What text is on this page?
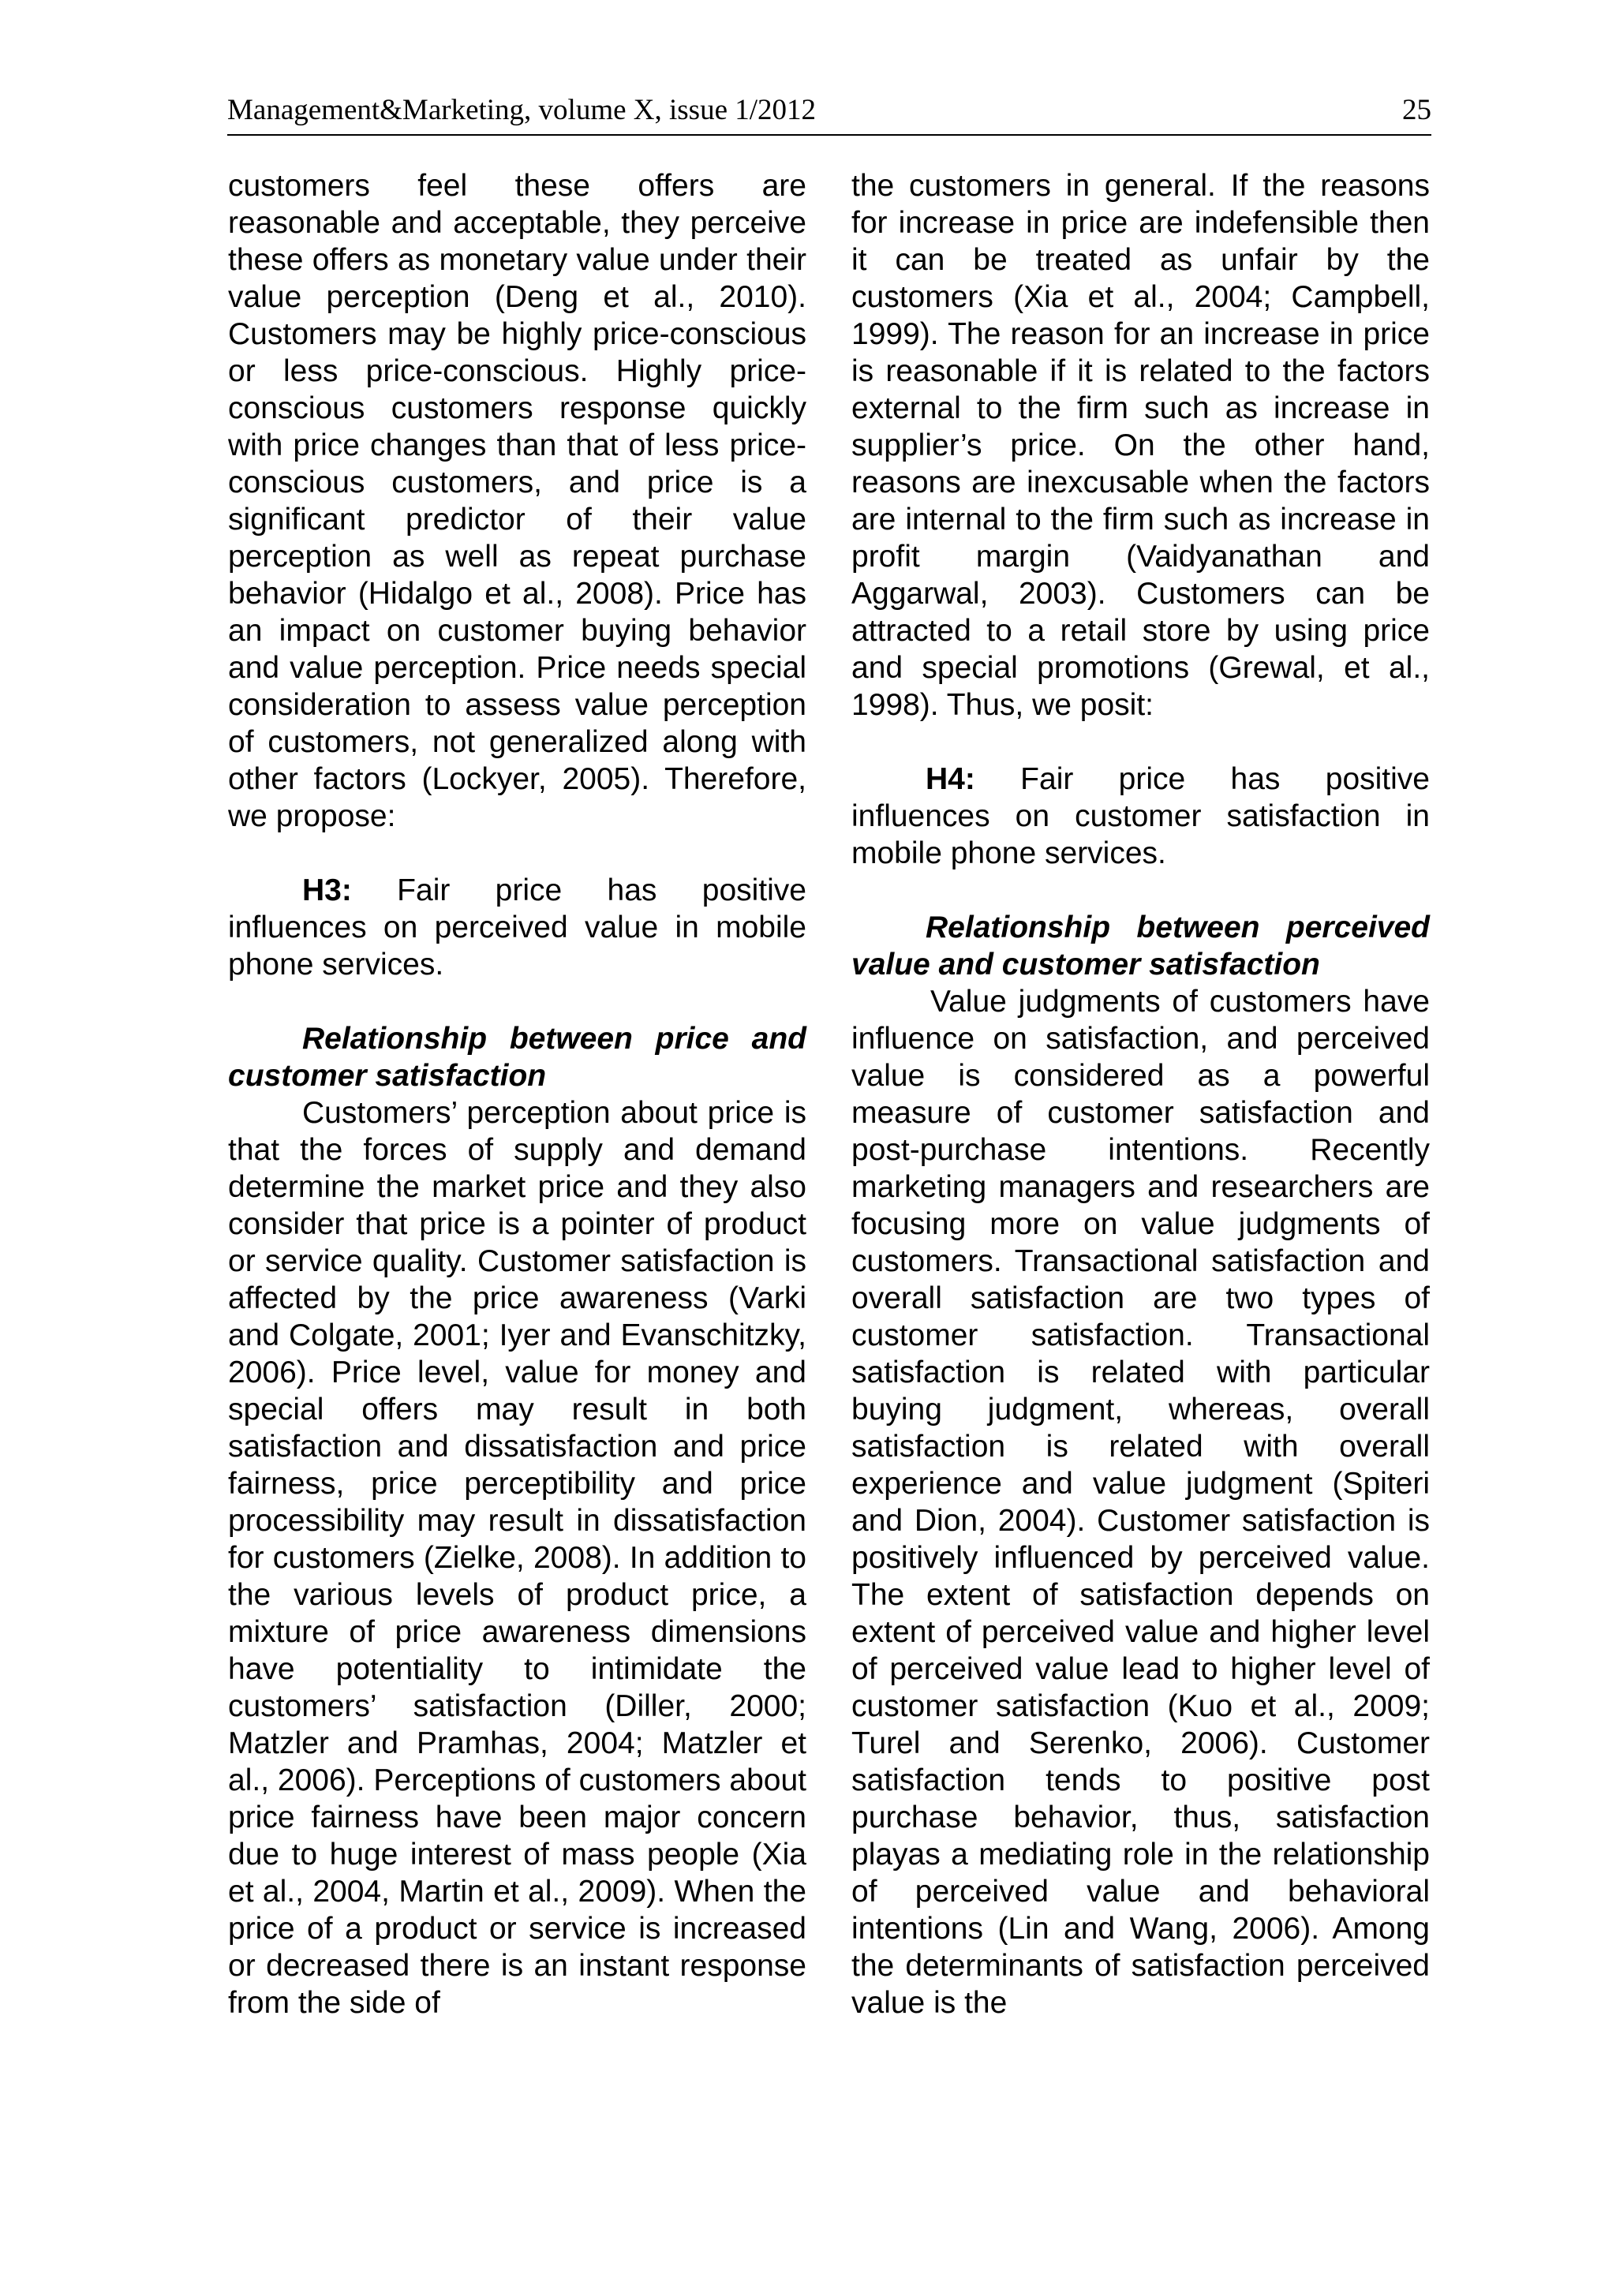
Management&Marketing, volume X, issue 1/2012	25

customers feel these offers are reasonable and acceptable, they perceive these offers as monetary value under their value perception (Deng et al., 2010). Customers may be highly price-conscious or less price-conscious. Highly price-conscious customers response quickly with price changes than that of less price-conscious customers, and price is a significant predictor of their value perception as well as repeat purchase behavior (Hidalgo et al., 2008). Price has an impact on customer buying behavior and value perception. Price needs special consideration to assess value perception of customers, not generalized along with other factors (Lockyer, 2005). Therefore, we propose:

H3: Fair price has positive influences on perceived value in mobile phone services.

Relationship between price and customer satisfaction

Customers’ perception about price is that the forces of supply and demand determine the market price and they also consider that price is a pointer of product or service quality. Customer satisfaction is affected by the price awareness (Varki and Colgate, 2001; Iyer and Evanschitzky, 2006). Price level, value for money and special offers may result in both satisfaction and dissatisfaction and price fairness, price perceptibility and price processibility may result in dissatisfaction for customers (Zielke, 2008). In addition to the various levels of product price, a mixture of price awareness dimensions have potentiality to intimidate the customers’ satisfaction (Diller, 2000; Matzler and Pramhas, 2004; Matzler et al., 2006). Perceptions of customers about price fairness have been major concern due to huge interest of mass people (Xia et al., 2004, Martin et al., 2009). When the price of a product or service is increased or decreased there is an instant response from the side of

the customers in general. If the reasons for increase in price are indefensible then it can be treated as unfair by the customers (Xia et al., 2004; Campbell, 1999). The reason for an increase in price is reasonable if it is related to the factors external to the firm such as increase in supplier’s price. On the other hand, reasons are inexcusable when the factors are internal to the firm such as increase in profit margin (Vaidyanathan and Aggarwal, 2003). Customers can be attracted to a retail store by using price and special promotions (Grewal, et al., 1998). Thus, we posit:

H4: Fair price has positive influences on customer satisfaction in mobile phone services.

Relationship between perceived value and customer satisfaction

Value judgments of customers have influence on satisfaction, and perceived value is considered as a powerful measure of customer satisfaction and post-purchase intentions. Recently marketing managers and researchers are focusing more on value judgments of customers. Transactional satisfaction and overall satisfaction are two types of customer satisfaction. Transactional satisfaction is related with particular buying judgment, whereas, overall satisfaction is related with overall experience and value judgment (Spiteri and Dion, 2004). Customer satisfaction is positively influenced by perceived value. The extent of satisfaction depends on extent of perceived value and higher level of perceived value lead to higher level of customer satisfaction (Kuo et al., 2009; Turel and Serenko, 2006). Customer satisfaction tends to positive post purchase behavior, thus, satisfaction playas a mediating role in the relationship of perceived value and behavioral intentions (Lin and Wang, 2006). Among the determinants of satisfaction perceived value is the
